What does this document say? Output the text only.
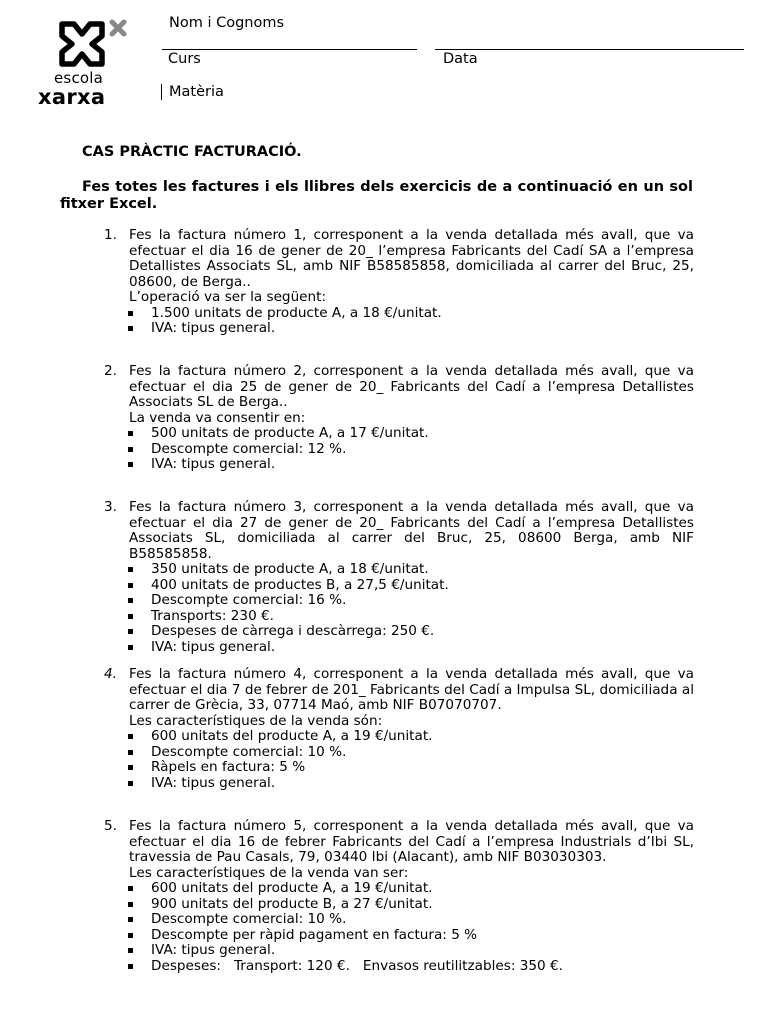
escola
xarxa
Nom i Cognoms
Curs	Data
Matèria
CAS PRÀCTIC FACTURACIÓ.

Fes totes les factures i els llibres dels exercicis de a continuació en un sol fitxer Excel.

1. Fes la factura número 1, corresponent a la venda detallada més avall, que va efectuar el dia 16 de gener de 20_ l’empresa Fabricants del Cadí SA a l’empresa Detallistes Associats SL, amb NIF B58585858, domiciliada al carrer del Bruc, 25, 08600, de Berga..
L’operació va ser la següent:
1.500 unitats de producte A, a 18 €/unitat.
IVA: tipus general.
2. Fes la factura número 2, corresponent a la venda detallada més avall, que va efectuar el dia 25 de gener de 20_ Fabricants del Cadí a l’empresa Detallistes Associats SL de Berga..
La venda va consentir en:
500 unitats de producte A, a 17 €/unitat.
Descompte comercial: 12 %.
IVA: tipus general.
3. Fes la factura número 3, corresponent a la venda detallada més avall, que va efectuar el dia 27 de gener de 20_ Fabricants del Cadí a l’empresa Detallistes Associats SL, domiciliada al carrer del Bruc, 25, 08600 Berga, amb NIF B58585858.
350 unitats de producte A, a 18 €/unitat.
400 unitats de productes B, a 27,5 €/unitat.
Descompte comercial: 16 %.
Transports: 230 €.
Despeses de càrrega i descàrrega: 250 €.
IVA: tipus general.
4. Fes la factura número 4, corresponent a la venda detallada més avall, que va efectuar el dia 7 de febrer de 201_ Fabricants del Cadí a Impulsa SL, domiciliada al carrer de Grècia, 33, 07714 Maó, amb NIF B07070707.
Les característiques de la venda són:
600 unitats del producte A, a 19 €/unitat.
Descompte comercial: 10 %.
Ràpels en factura: 5 %
IVA: tipus general.
5. Fes la factura número 5, corresponent a la venda detallada més avall, que va efectuar el dia 16 de febrer Fabricants del Cadí a l’empresa Industrials d’Ibi SL, travessia de Pau Casals, 79, 03440 Ibi (Alacant), amb NIF B03030303.
Les característiques de la venda van ser:
600 unitats del producte A, a 19 €/unitat.
900 unitats del producte B, a 27 €/unitat.
Descompte comercial: 10 %.
Descompte per ràpid pagament en factura: 5 %
IVA: tipus general.
Despeses:   Transport: 120 €.   Envasos reutilitzables: 350 €.
